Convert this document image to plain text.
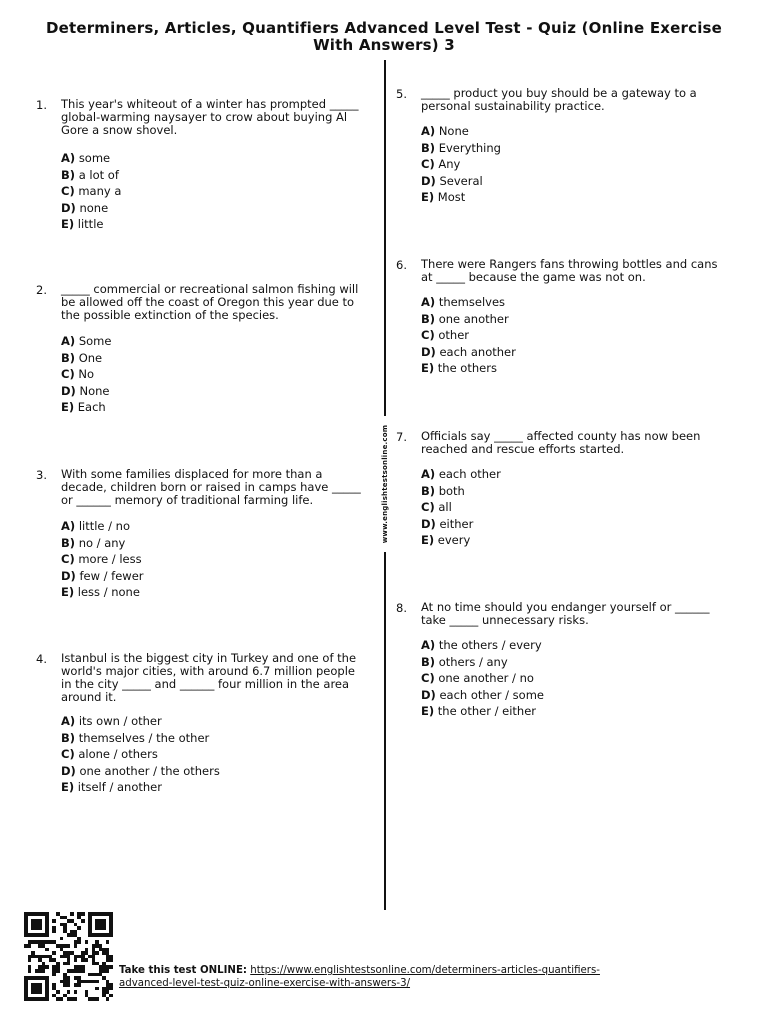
Determiners, Articles, Quantifiers Advanced Level Test - Quiz (Online Exercise With Answers) 3
www.englishtestsonline.com
1. This year's whiteout of a winter has prompted _____ global-warming naysayer to crow about buying Al Gore a snow shovel.
A) some
B) a lot of
C) many a
D) none
E) little
2. _____ commercial or recreational salmon fishing will be allowed off the coast of Oregon this year due to the possible extinction of the species.
A) Some
B) One
C) No
D) None
E) Each
3. With some families displaced for more than a decade, children born or raised in camps have _____ or ______ memory of traditional farming life.
A) little / no
B) no / any
C) more / less
D) few / fewer
E) less / none
4. Istanbul is the biggest city in Turkey and one of the world's major cities, with around 6.7 million people in the city _____ and ______ four million in the area around it.
A) its own / other
B) themselves / the other
C) alone / others
D) one another / the others
E) itself / another
5. _____ product you buy should be a gateway to a personal sustainability practice.
A) None
B) Everything
C) Any
D) Several
E) Most
6. There were Rangers fans throwing bottles and cans at _____ because the game was not on.
A) themselves
B) one another
C) other
D) each another
E) the others
7. Officials say _____ affected county has now been reached and rescue efforts started.
A) each other
B) both
C) all
D) either
E) every
8. At no time should you endanger yourself or ______ take _____ unnecessary risks.
A) the others / every
B) others / any
C) one another / no
D) each other / some
E) the other / either
Take this test ONLINE: https://www.englishtestsonline.com/determiners-articles-quantifiers-advanced-level-test-quiz-online-exercise-with-answers-3/
